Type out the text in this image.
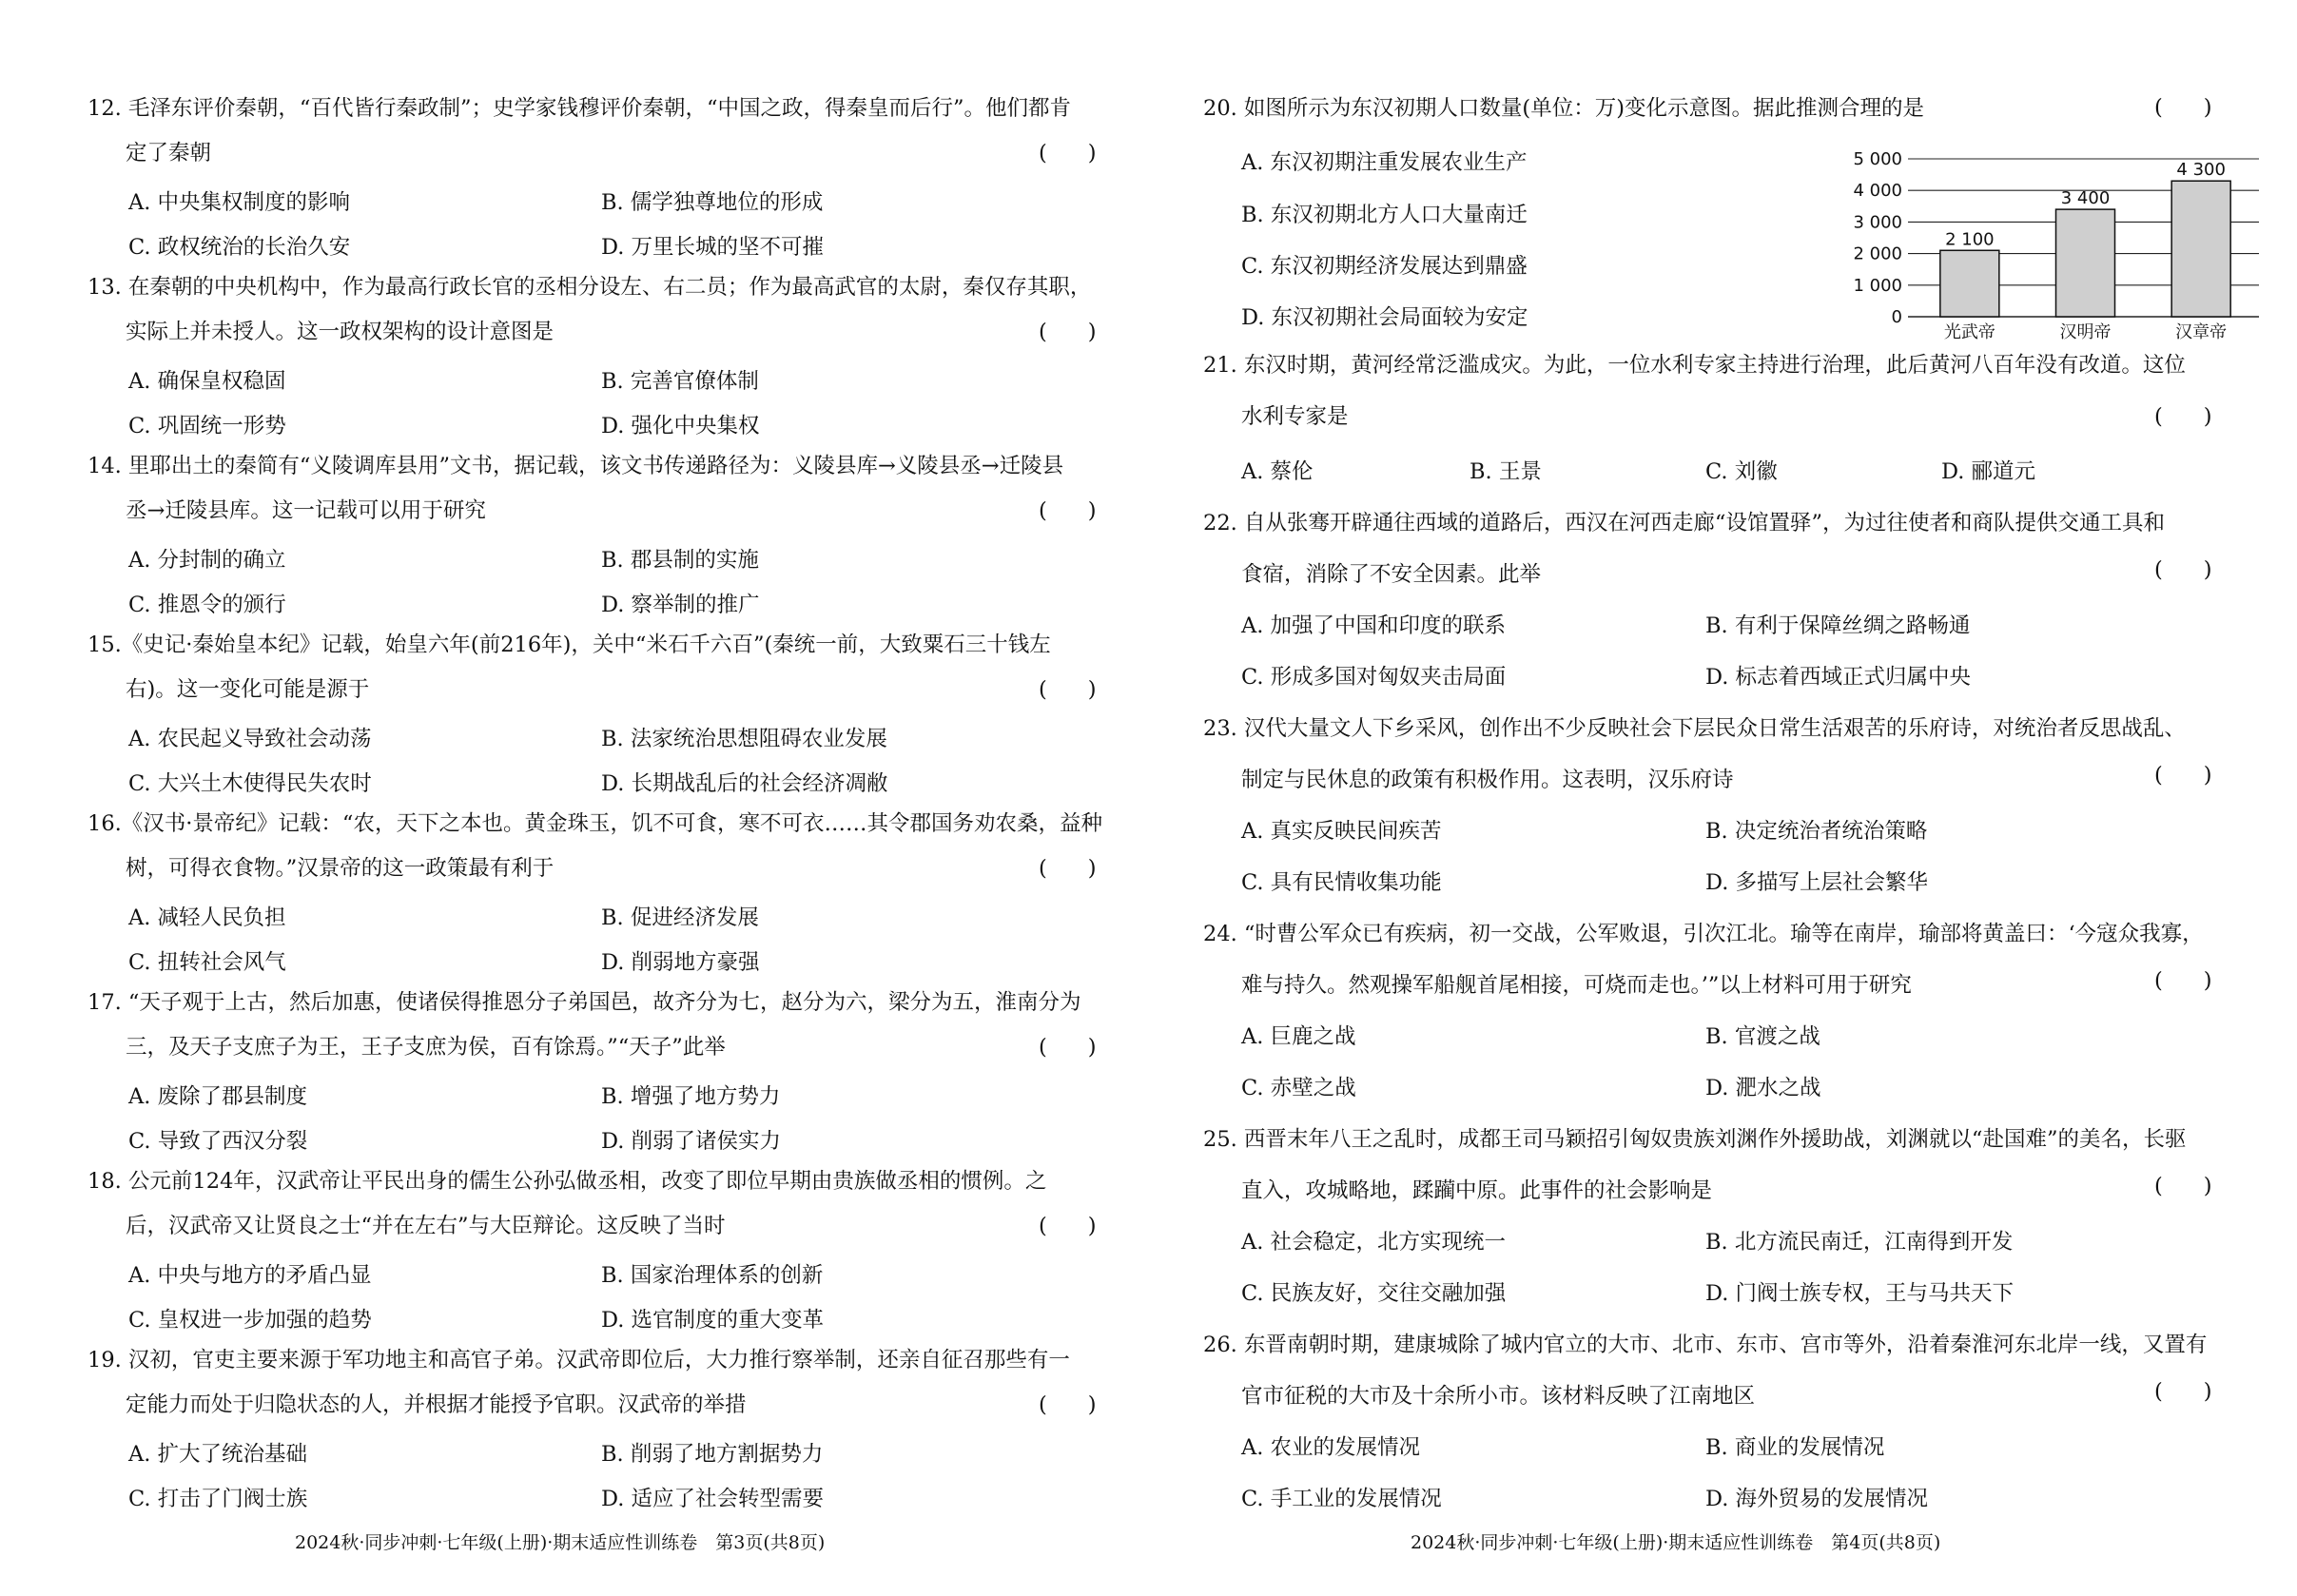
12. 毛泽东评价秦朝，“百代皆行秦政制”；史学家钱穆评价秦朝，“中国之政，得秦皇而后行”。他们都肯
定了秦朝	(      )
A. 中央集权制度的影响	B. 儒学独尊地位的形成
C. 政权统治的长治久安	D. 万里长城的坚不可摧
13. 在秦朝的中央机构中，作为最高行政长官的丞相分设左、右二员；作为最高武官的太尉，秦仅存其职，
实际上并未授人。这一政权架构的设计意图是	(      )
A. 确保皇权稳固	B. 完善官僚体制
C. 巩固统一形势	D. 强化中央集权
14. 里耶出土的秦简有“义陵调库县用”文书，据记载，该文书传递路径为：义陵县库→义陵县丞→迁陵县
丞→迁陵县库。这一记载可以用于研究	(      )
A. 分封制的确立	B. 郡县制的实施
C. 推恩令的颁行	D. 察举制的推广
15.《史记·秦始皇本纪》记载，始皇六年(前216年)，关中“米石千六百”(秦统一前，大致粟石三十钱左
右)。这一变化可能是源于	(      )
A. 农民起义导致社会动荡	B. 法家统治思想阻碍农业发展
C. 大兴土木使得民失农时	D. 长期战乱后的社会经济凋敝
16.《汉书·景帝纪》记载：“农，天下之本也。黄金珠玉，饥不可食，寒不可衣……其令郡国务劝农桑，益种
树，可得衣食物。”汉景帝的这一政策最有利于	(      )
A. 减轻人民负担	B. 促进经济发展
C. 扭转社会风气	D. 削弱地方豪强
17. “天子观于上古，然后加惠，使诸侯得推恩分子弟国邑，故齐分为七，赵分为六，梁分为五，淮南分为
三，及天子支庶子为王，王子支庶为侯，百有馀焉。”“天子”此举	(      )
A. 废除了郡县制度	B. 增强了地方势力
C. 导致了西汉分裂	D. 削弱了诸侯实力
18. 公元前124年，汉武帝让平民出身的儒生公孙弘做丞相，改变了即位早期由贵族做丞相的惯例。之
后，汉武帝又让贤良之士“并在左右”与大臣辩论。这反映了当时	(      )
A. 中央与地方的矛盾凸显	B. 国家治理体系的创新
C. 皇权进一步加强的趋势	D. 选官制度的重大变革
19. 汉初，官吏主要来源于军功地主和高官子弟。汉武帝即位后，大力推行察举制，还亲自征召那些有一
定能力而处于归隐状态的人，并根据才能授予官职。汉武帝的举措	(      )
A. 扩大了统治基础	B. 削弱了地方割据势力
C. 打击了门阀士族	D. 适应了社会转型需要
2024秋·同步冲刺·七年级(上册)·期末适应性训练卷　第3页(共8页)
20. 如图所示为东汉初期人口数量(单位：万)变化示意图。据此推测合理的是	(      )
A. 东汉初期注重发展农业生产
B. 东汉初期北方人口大量南迁
C. 东汉初期经济发展达到鼎盛
D. 东汉初期社会局面较为安定	0
1 000
2 000
3 000
4 000
5 000
2 100
3 400
4 300
光武帝	汉明帝	汉章帝
21. 东汉时期，黄河经常泛滥成灾。为此，一位水利专家主持进行治理，此后黄河八百年没有改道。这位
水利专家是	(      )
A. 蔡伦	B. 王景	C. 刘徽	D. 郦道元
22. 自从张骞开辟通往西域的道路后，西汉在河西走廊“设馆置驿”，为过往使者和商队提供交通工具和
食宿，消除了不安全因素。此举	(      )
A. 加强了中国和印度的联系	B. 有利于保障丝绸之路畅通
C. 形成多国对匈奴夹击局面	D. 标志着西域正式归属中央
23. 汉代大量文人下乡采风，创作出不少反映社会下层民众日常生活艰苦的乐府诗，对统治者反思战乱、
制定与民休息的政策有积极作用。这表明，汉乐府诗	(      )
A. 真实反映民间疾苦	B. 决定统治者统治策略
C. 具有民情收集功能	D. 多描写上层社会繁华
24. “时曹公军众已有疾病，初一交战，公军败退，引次江北。瑜等在南岸，瑜部将黄盖曰：‘今寇众我寡，
难与持久。然观操军船舰首尾相接，可烧而走也。’”以上材料可用于研究	(      )
A. 巨鹿之战	B. 官渡之战
C. 赤壁之战	D. 淝水之战
25. 西晋末年八王之乱时，成都王司马颖招引匈奴贵族刘渊作外援助战，刘渊就以“赴国难”的美名，长驱
直入，攻城略地，蹂躏中原。此事件的社会影响是	(      )
A. 社会稳定，北方实现统一	B. 北方流民南迁，江南得到开发
C. 民族友好，交往交融加强	D. 门阀士族专权，王与马共天下
26. 东晋南朝时期，建康城除了城内官立的大市、北市、东市、宫市等外，沿着秦淮河东北岸一线，又置有
官市征税的大市及十余所小市。该材料反映了江南地区	(      )
A. 农业的发展情况	B. 商业的发展情况
C. 手工业的发展情况	D. 海外贸易的发展情况
2024秋·同步冲刺·七年级(上册)·期末适应性训练卷　第4页(共8页)
